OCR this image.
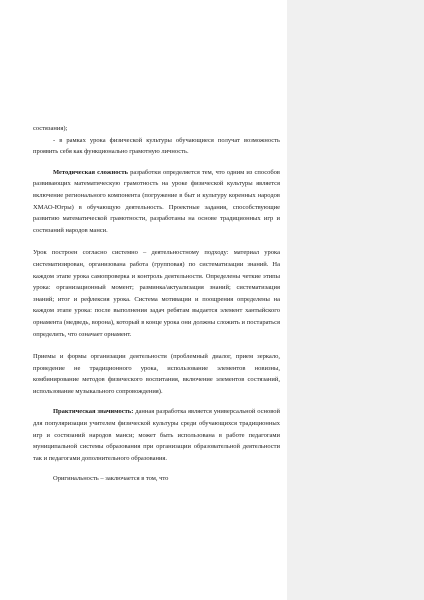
состязания);

- в рамках урока физической культуры обучающиеся получат возможность проявить себя как функционально грамотную личность.

Методическая сложность разработки определяется тем, что одним из способов развивающих математическую грамотность на уроке физической культуры является включение регионального компонента (погружение в быт и культуру коренных народов ХМАО-Югры) в обучающую деятельность. Проектные задания, способствующие развитию математической грамотности, разработаны на основе традиционных игр и состязаний народов манси.

Урок построен согласно системно – деятельностному подходу: материал урока систематизирован, организована работа (групповая) по систематизации знаний. На каждом этапе урока самопроверка и контроль деятельности. Определены четкие этипы урока: организационный момент; разминка/актуализация знаний; систематизация знаний; итог и рефлексия урока. Система мотивации и поощрения определены на каждом этапе урока: после выполнения задач ребятам выдается элемент хантыйского орнамента (медведь, ворона), который в конце урока они должны сложить и постараться определить, что означает орнамент.

Приемы и формы организации деятельности (проблемный диалог, прием зеркало, проведение не традиционного урока, использование элементов новизны, комбинирование методов физического воспитания, включение элементов состязаний, использование музыкального сопровождения).

Практическая значимость: данная разработка является универсальной основой для популяризации учителем физической культуры среди обучающихся традиционных игр и состязаний народов манси; может быть использована в работе педагогами муниципальной системы образования при организации образовательной деятельности так и педагогами дополнительного образования.

Оригинальность – заключается в том, что
